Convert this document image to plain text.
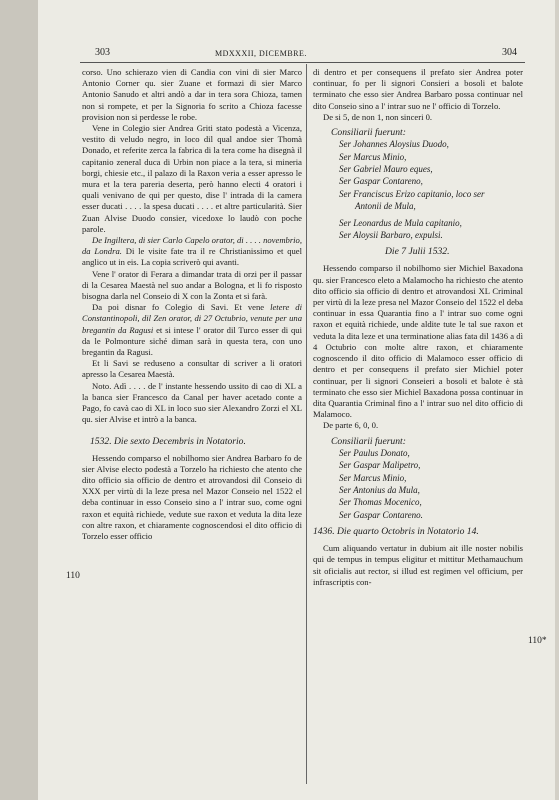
303	MDXXXII, DICEMBRE.	304
110
110*

corso. Uno schierazo vien di Candia con vini di sier Marco Antonio Corner qu. sier Zuane et formazi di sier Marco Antonio Sanudo et altri andò a dar in tera sora Chioza, tamen non si rompete, et per la Signoria fo scrito a Chioza facesse provision non si perdesse le robe.

Vene in Colegio sier Andrea Griti stato podestà a Vicenza, vestito di veludo negro, in loco dil qual andoe sier Thomà Donado, et referite zerca la fabrica di la tera come ha disegnà il capitanio zeneral duca di Urbin non piace a la tera, si mineria borgi, chiesie etc., il palazo di la Raxon veria a esser apresso le mura et la tera pareria deserta, però hanno electi 4 oratori i quali venivano de qui per questo, dise l' intrada di la camera esser ducati . . . . la spesa ducati . . . . et altre particularità. Sier Zuan Alvise Duodo consier, vicedoxe lo laudò con poche parole.

De Ingiltera, di sier Carlo Capelo orator, di . . . . novembrio, da Londra. Di le visite fate tra il re Christianissimo et quel anglico ut in eis. La copia scriverò qui avanti.

Vene l' orator di Ferara a dimandar trata di orzi per il passar di la Cesarea Maestà nel suo andar a Bologna, et li fo risposto bisogna darla nel Conseio di X con la Zonta et si farà.

Da poi disnar fo Colegio di Savi. Et vene letere di Constantinopoli, dil Zen orator, di 27 Octubrio, venute per una bregantin da Ragusi et si intese l' orator dil Turco esser di qui da le Polmonture siché diman sarà in questa tera, con uno bregantin da Ragusi.

Et li Savi se reduseno a consultar di scriver a li oratori apresso la Cesarea Maestà.

Noto. Adì . . . . de l' instante hessendo ussito di cao di XL a la banca sier Francesco da Canal per haver acetado conte a Pago, fo cavà cao di XL in loco suo sier Alexandro Zorzi el XL qu. sier Alvise et intrò a la banca.

1532. Die sexto Decembris in Notatorio.

Hessendo comparso el nobilhomo sier Andrea Barbaro fo de sier Alvise electo podestà a Torzelo ha richiesto che atento che dito officio sia officio de dentro et atrovandosi dil Conseio di XXX per virtù di la leze presa nel Mazor Conseio nel 1522 el deba continuar in esso Conseio sino a l' intrar suo, come ogni raxon et equità richiede, vedute sue raxon et veduta la dita leze con altre raxon, et chiaramente cognoscendosi el dito officio di Torzelo esser officio

di dentro et per consequens il prefato sier Andrea poter continuar, fo per li signori Consieri a bosoli et balote terminato che esso sier Andrea Barbaro possa continuar nel dito Conseio sino a l' intrar suo ne l' officio di Torzelo.

De si 5, de non 1, non sinceri 0.

Consiliarii fuerunt:

Ser Johannes Aloysius Duodo,
Ser Marcus Minio,
Ser Gabriel Mauro eques,
Ser Gaspar Contareno,
Ser Franciscus Erizo capitanio, loco ser
Antonii de Mula,
Ser Leonardus de Mula capitanio,
Ser Aloysii Barbaro, expulsi.

Die 7 Julii 1532.

Hessendo comparso il nobilhomo sier Michiel Baxadona qu. sier Francesco eleto a Malamocho ha richiesto che atento dito officio sia officio di dentro et atrovandosi XL Criminal per virtù di la leze presa nel Mazor Conseio del 1522 el deba continuar in essa Quarantia fino a l' intrar suo come ogni raxon et equità richiede, unde aldite tute le tal sue raxon et veduta la dita leze et una terminatione alias fata dil 1436 a dì 4 Octubrio con molte altre raxon, et chiaramente cognoscendo il dito officio di Malamoco esser officio di dentro et per consequens il prefato sier Michiel poter continuar, per li signori Conseieri a bosoli et balote è stà terminato che esso sier Michiel Baxadona possa continuar in dita Quarantia Criminal fino a l' intrar suo nel dito officio di Malamoco.

De parte 6, 0, 0.

Consiliarii fuerunt:

Ser Paulus Donato,
Ser Gaspar Malipetro,
Ser Marcus Minio,
Ser Antonius da Mula,
Ser Thomas Mocenico,
Ser Gaspar Contareno.

1436. Die quarto Octobris in Notatorio 14.

Cum aliquando vertatur in dubium ait ille noster nobilis qui de tempus in tempus eligitur et mittitur Methamauchum sit oficialis aut rector, si illud est regimen vel officium, per infrascriptis con-
